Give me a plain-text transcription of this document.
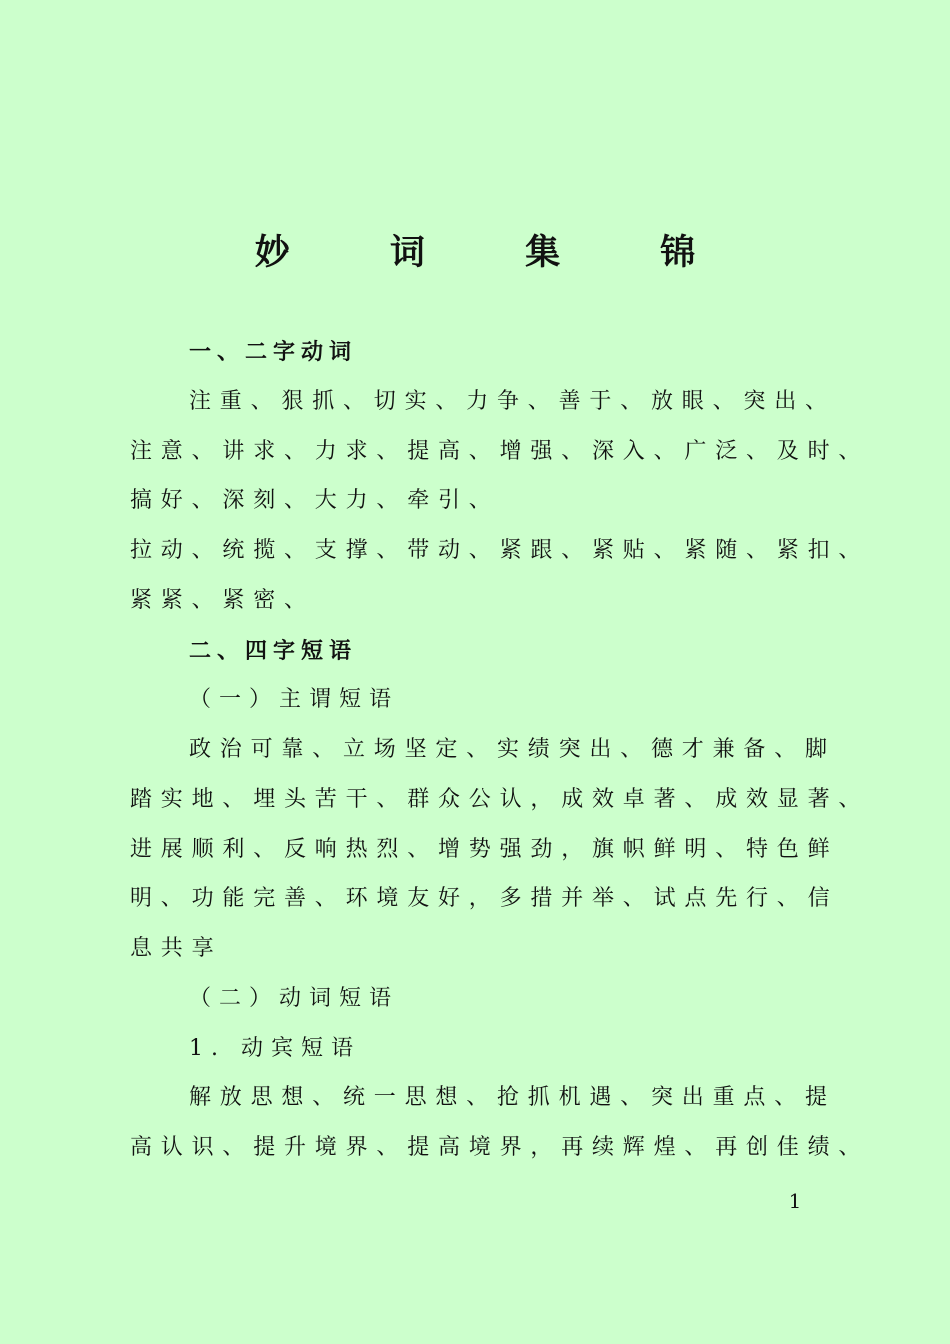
妙 词 集 锦
一、二字动词
注重、狠抓、切实、力争、善于、放眼、突出、
注意、讲求、力求、提高、增强、深入、广泛、及时、
搞好、深刻、大力、牵引、
拉动、统揽、支撑、带动、紧跟、紧贴、紧随、紧扣、
紧紧、紧密、
二、四字短语
（一）主谓短语
政治可靠、立场坚定、实绩突出、德才兼备、脚
踏实地、埋头苦干、群众公认，成效卓著、成效显著、
进展顺利、反响热烈、增势强劲，旗帜鲜明、特色鲜
明、功能完善、环境友好，多措并举、试点先行、信
息共享
（二）动词短语
1. 动宾短语
解放思想、统一思想、抢抓机遇、突出重点、提
高认识、提升境界、提高境界，再续辉煌、再创佳绩、
1
